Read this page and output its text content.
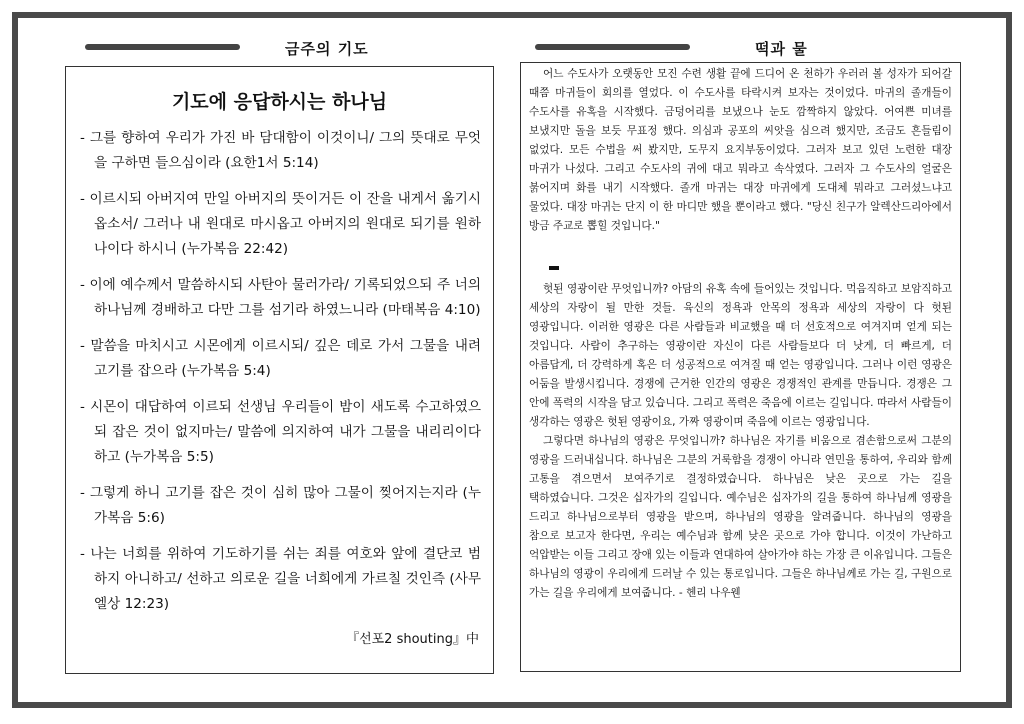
금주의 기도	떡과 물
기도에 응답하시는 하나님
- 그를 향하여 우리가 가진 바 담대함이 이것이니/ 그의 뜻대로 무엇을 구하면 들으심이라 (요한1서 5:14)
- 이르시되 아버지여 만일 아버지의 뜻이거든 이 잔을 내게서 옮기시옵소서/ 그러나 내 원대로 마시옵고 아버지의 원대로 되기를 원하나이다 하시니 (누가복음 22:42)
- 이에 예수께서 말씀하시되 사탄아 물러가라/ 기록되었으되 주 너의 하나님께 경배하고 다만 그를 섬기라 하였느니라 (마태복음 4:10)
- 말씀을 마치시고 시몬에게 이르시되/ 깊은 데로 가서 그물을 내려 고기를 잡으라 (누가복음 5:4)
- 시몬이 대답하여 이르되 선생님 우리들이 밤이 새도록 수고하였으되 잡은 것이 없지마는/ 말씀에 의지하여 내가 그물을 내리리이다 하고 (누가복음 5:5)
- 그렇게 하니 고기를 잡은 것이 심히 많아 그물이 찢어지는지라 (누가복음 5:6)
- 나는 너희를 위하여 기도하기를 쉬는 죄를 여호와 앞에 결단코 범하지 아니하고/ 선하고 의로운 길을 너희에게 가르칠 것인즉 (사무엘상 12:23)
『선포2 shouting』中

어느 수도사가 오랫동안 모진 수련 생활 끝에 드디어 온 천하가 우러러 볼 성자가 되어갈 때쯤 마귀들이 회의를 열었다. 이 수도사를 타락시켜 보자는 것이었다. 마귀의 졸개들이 수도사를 유혹을 시작했다. 금덩어리를 보냈으나 눈도 깜짝하지 않았다. 어여쁜 미녀를 보냈지만 돌을 보듯 무표정 했다. 의심과 공포의 씨앗을 심으려 했지만, 조금도 흔들림이 없었다. 모든 수법을 써 봤지만, 도무지 요지부동이었다. 그러자 보고 있던 노련한 대장 마귀가 나섰다. 그리고 수도사의 귀에 대고 뭐라고 속삭였다. 그러자 그 수도사의 얼굴은 붉어지며 화를 내기 시작했다. 졸개 마귀는 대장 마귀에게 도대체 뭐라고 그러셨느냐고 물었다. 대장 마귀는 단지 이 한 마디만 했을 뿐이라고 했다. "당신 친구가 알렉산드리아에서 방금 주교로 뽑힐 것입니다."

헛된 영광이란 무엇입니까? 아담의 유혹 속에 들어있는 것입니다. 먹음직하고 보암직하고 세상의 자랑이 될 만한 것들. 육신의 정욕과 안목의 정욕과 세상의 자랑이 다 헛된 영광입니다. 이러한 영광은 다른 사람들과 비교했을 때 더 선호적으로 여겨지며 얻게 되는 것입니다. 사람이 추구하는 영광이란 자신이 다른 사람들보다 더 낫게, 더 빠르게, 더 아름답게, 더 강력하게 혹은 더 성공적으로 여겨질 때 얻는 영광입니다. 그러나 이런 영광은 어둠을 발생시킵니다. 경쟁에 근거한 인간의 영광은 경쟁적인 관계를 만듭니다. 경쟁은 그 안에 폭력의 시작을 담고 있습니다. 그리고 폭력은 죽음에 이르는 길입니다. 따라서 사람들이 생각하는 영광은 헛된 영광이요, 가짜 영광이며 죽음에 이르는 영광입니다.

그렇다면 하나님의 영광은 무엇입니까? 하나님은 자기를 비움으로 겸손함으로써 그분의 영광을 드러내십니다. 하나님은 그분의 거룩함을 경쟁이 아니라 연민을 통하여, 우리와 함께 고통을 겪으면서 보여주기로 결정하였습니다. 하나님은 낮은 곳으로 가는 길을 택하였습니다. 그것은 십자가의 길입니다. 예수님은 십자가의 길을 통하여 하나님께 영광을 드리고 하나님으로부터 영광을 받으며, 하나님의 영광을 알려줍니다. 하나님의 영광을 참으로 보고자 한다면, 우리는 예수님과 함께 낮은 곳으로 가야 합니다. 이것이 가난하고 억압받는 이들 그리고 장애 있는 이들과 연대하여 살아가야 하는 가장 큰 이유입니다. 그들은 하나님의 영광이 우리에게 드러날 수 있는 통로입니다. 그들은 하나님께로 가는 길, 구원으로 가는 길을 우리에게 보여줍니다. - 헨리 나우웬
